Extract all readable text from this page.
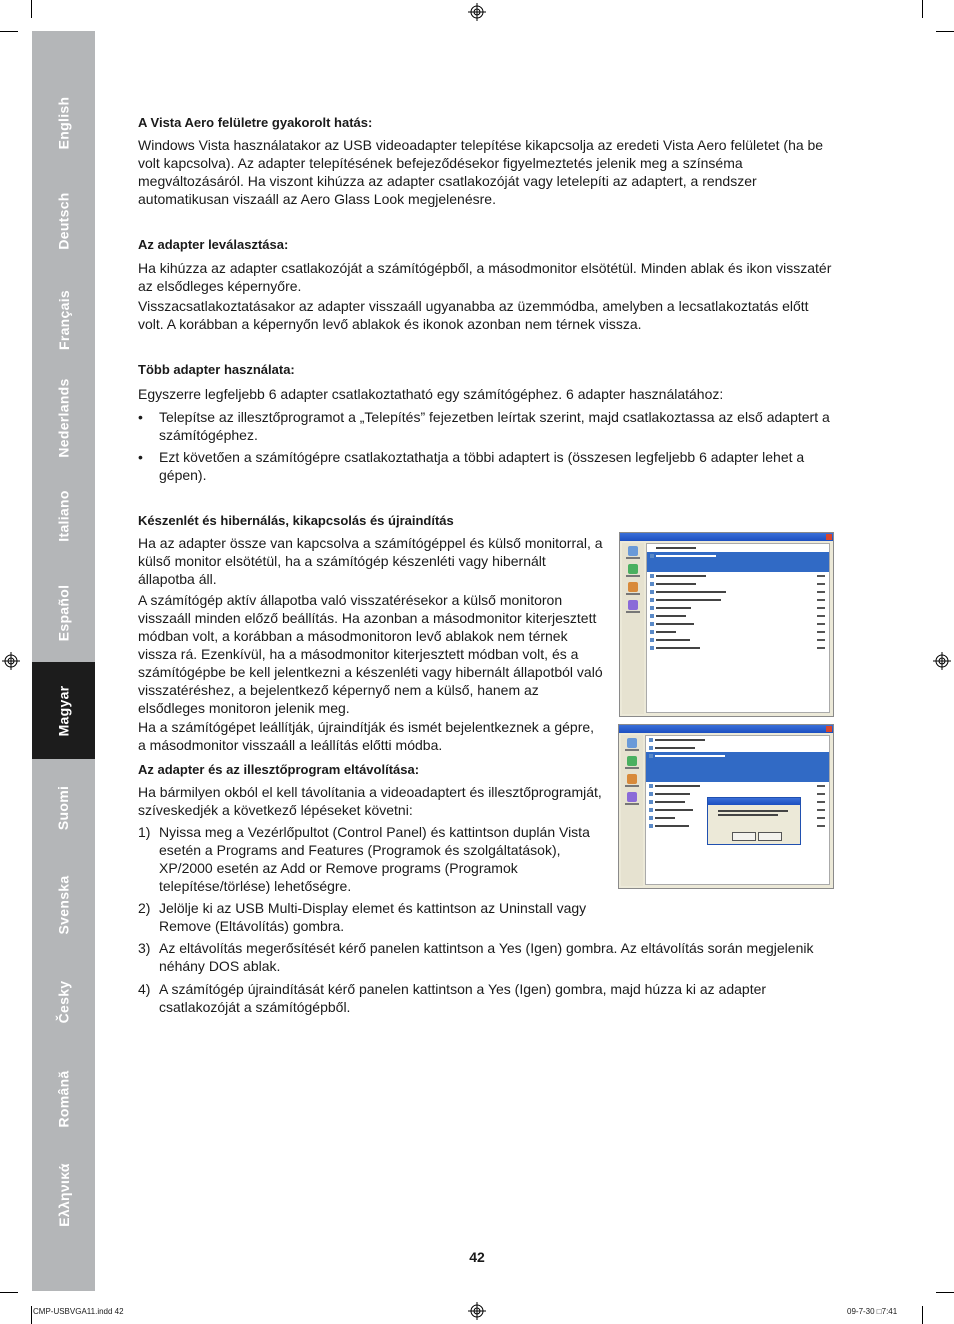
English
Deutsch
Français
Nederlands
Italiano
Español
Magyar
Suomi
Svenska
Česky
Română
Ελληνικά

A Vista Aero felületre gyakorolt hatás:

Windows Vista használatakor az USB videoadapter telepítése kikapcsolja az eredeti Vista Aero felületet (ha be volt kapcsolva). Az adapter telepítésének befejeződésekor figyelmeztetés jelenik meg a színséma megváltozásáról. Ha viszont kihúzza az adapter csatlakozóját vagy letelepíti az adaptert, a rendszer automatikusan viszaáll az Aero Glass Look megjelenésre.

Az adapter leválasztása:

Ha kihúzza az adapter csatlakozóját a számítógépből, a másodmonitor elsötétül. Minden ablak és ikon visszatér az elsődleges képernyőre.

Visszacsatlakoztatásakor az adapter visszaáll ugyanabba az üzemmódba, amelyben a lecsatlakoztatás előtt volt. A korábban a képernyőn levő ablakok és ikonok azonban nem térnek vissza.

Több adapter használata:

Egyszerre legfeljebb 6 adapter csatlakoztatható egy számítógéphez. 6 adapter használatához:

•	Telepítse az illesztőprogramot a „Telepítés” fejezetben leírtak szerint, majd csatlakoztassa az első adaptert a számítógéphez.
•	Ezt követően a számítógépre csatlakoztathatja a többi adaptert is (összesen legfeljebb 6 adapter lehet a gépen).

Készenlét és hibernálás, kikapcsolás és újraindítás

Ha az adapter össze van kapcsolva a számítógéppel és külső monitorral, a külső monitor elsötétül, ha a számítógép készenléti vagy hibernált állapotba áll.

A számítógép aktív állapotba való visszatérésekor a külső monitoron visszaáll minden előző beállítás. Ha azonban a másodmonitor kiterjesztett módban volt, a korábban a másodmonitoron levő ablakok nem térnek vissza rá. Ezenkívül, ha a másodmonitor kiterjesztett módban volt, és a számítógépbe be kell jelentkezni a készenléti vagy hibernált állapotból való visszatéréshez, a bejelentkező képernyő nem a külső, hanem az elsődleges monitoron jelenik meg.

Ha a számítógépet leállítják, újraindítják és ismét bejelentkeznek a gépre, a másodmonitor visszaáll a leállítás előtti módba.

Az adapter és az illesztőprogram eltávolítása:

Ha bármilyen okból el kell távolítania a videoadaptert és illesztőprogramját, szíveskedjék a következő lépéseket követni:

1) Nyissa meg a Vezérlőpultot (Control Panel) és kattintson duplán Vista esetén a Programs and Features (Programok és szolgáltatások), XP/2000 esetén az Add or Remove programs (Programok telepítése/törlése) lehetőségre.
2) Jelölje ki az USB Multi-Display elemet és kattintson az Uninstall vagy Remove (Eltávolítás) gombra.
3) Az eltávolítás megerősítését kérő panelen kattintson a Yes (Igen) gombra. Az eltávolítás során megjelenik néhány DOS ablak.
4) A számítógép újraindítását kérő panelen kattintson a Yes (Igen) gombra, majd húzza ki az adapter csatlakozóját a számítógépből.
42
CMP-USBVGA11.indd 42	09-7-30 □7:41
